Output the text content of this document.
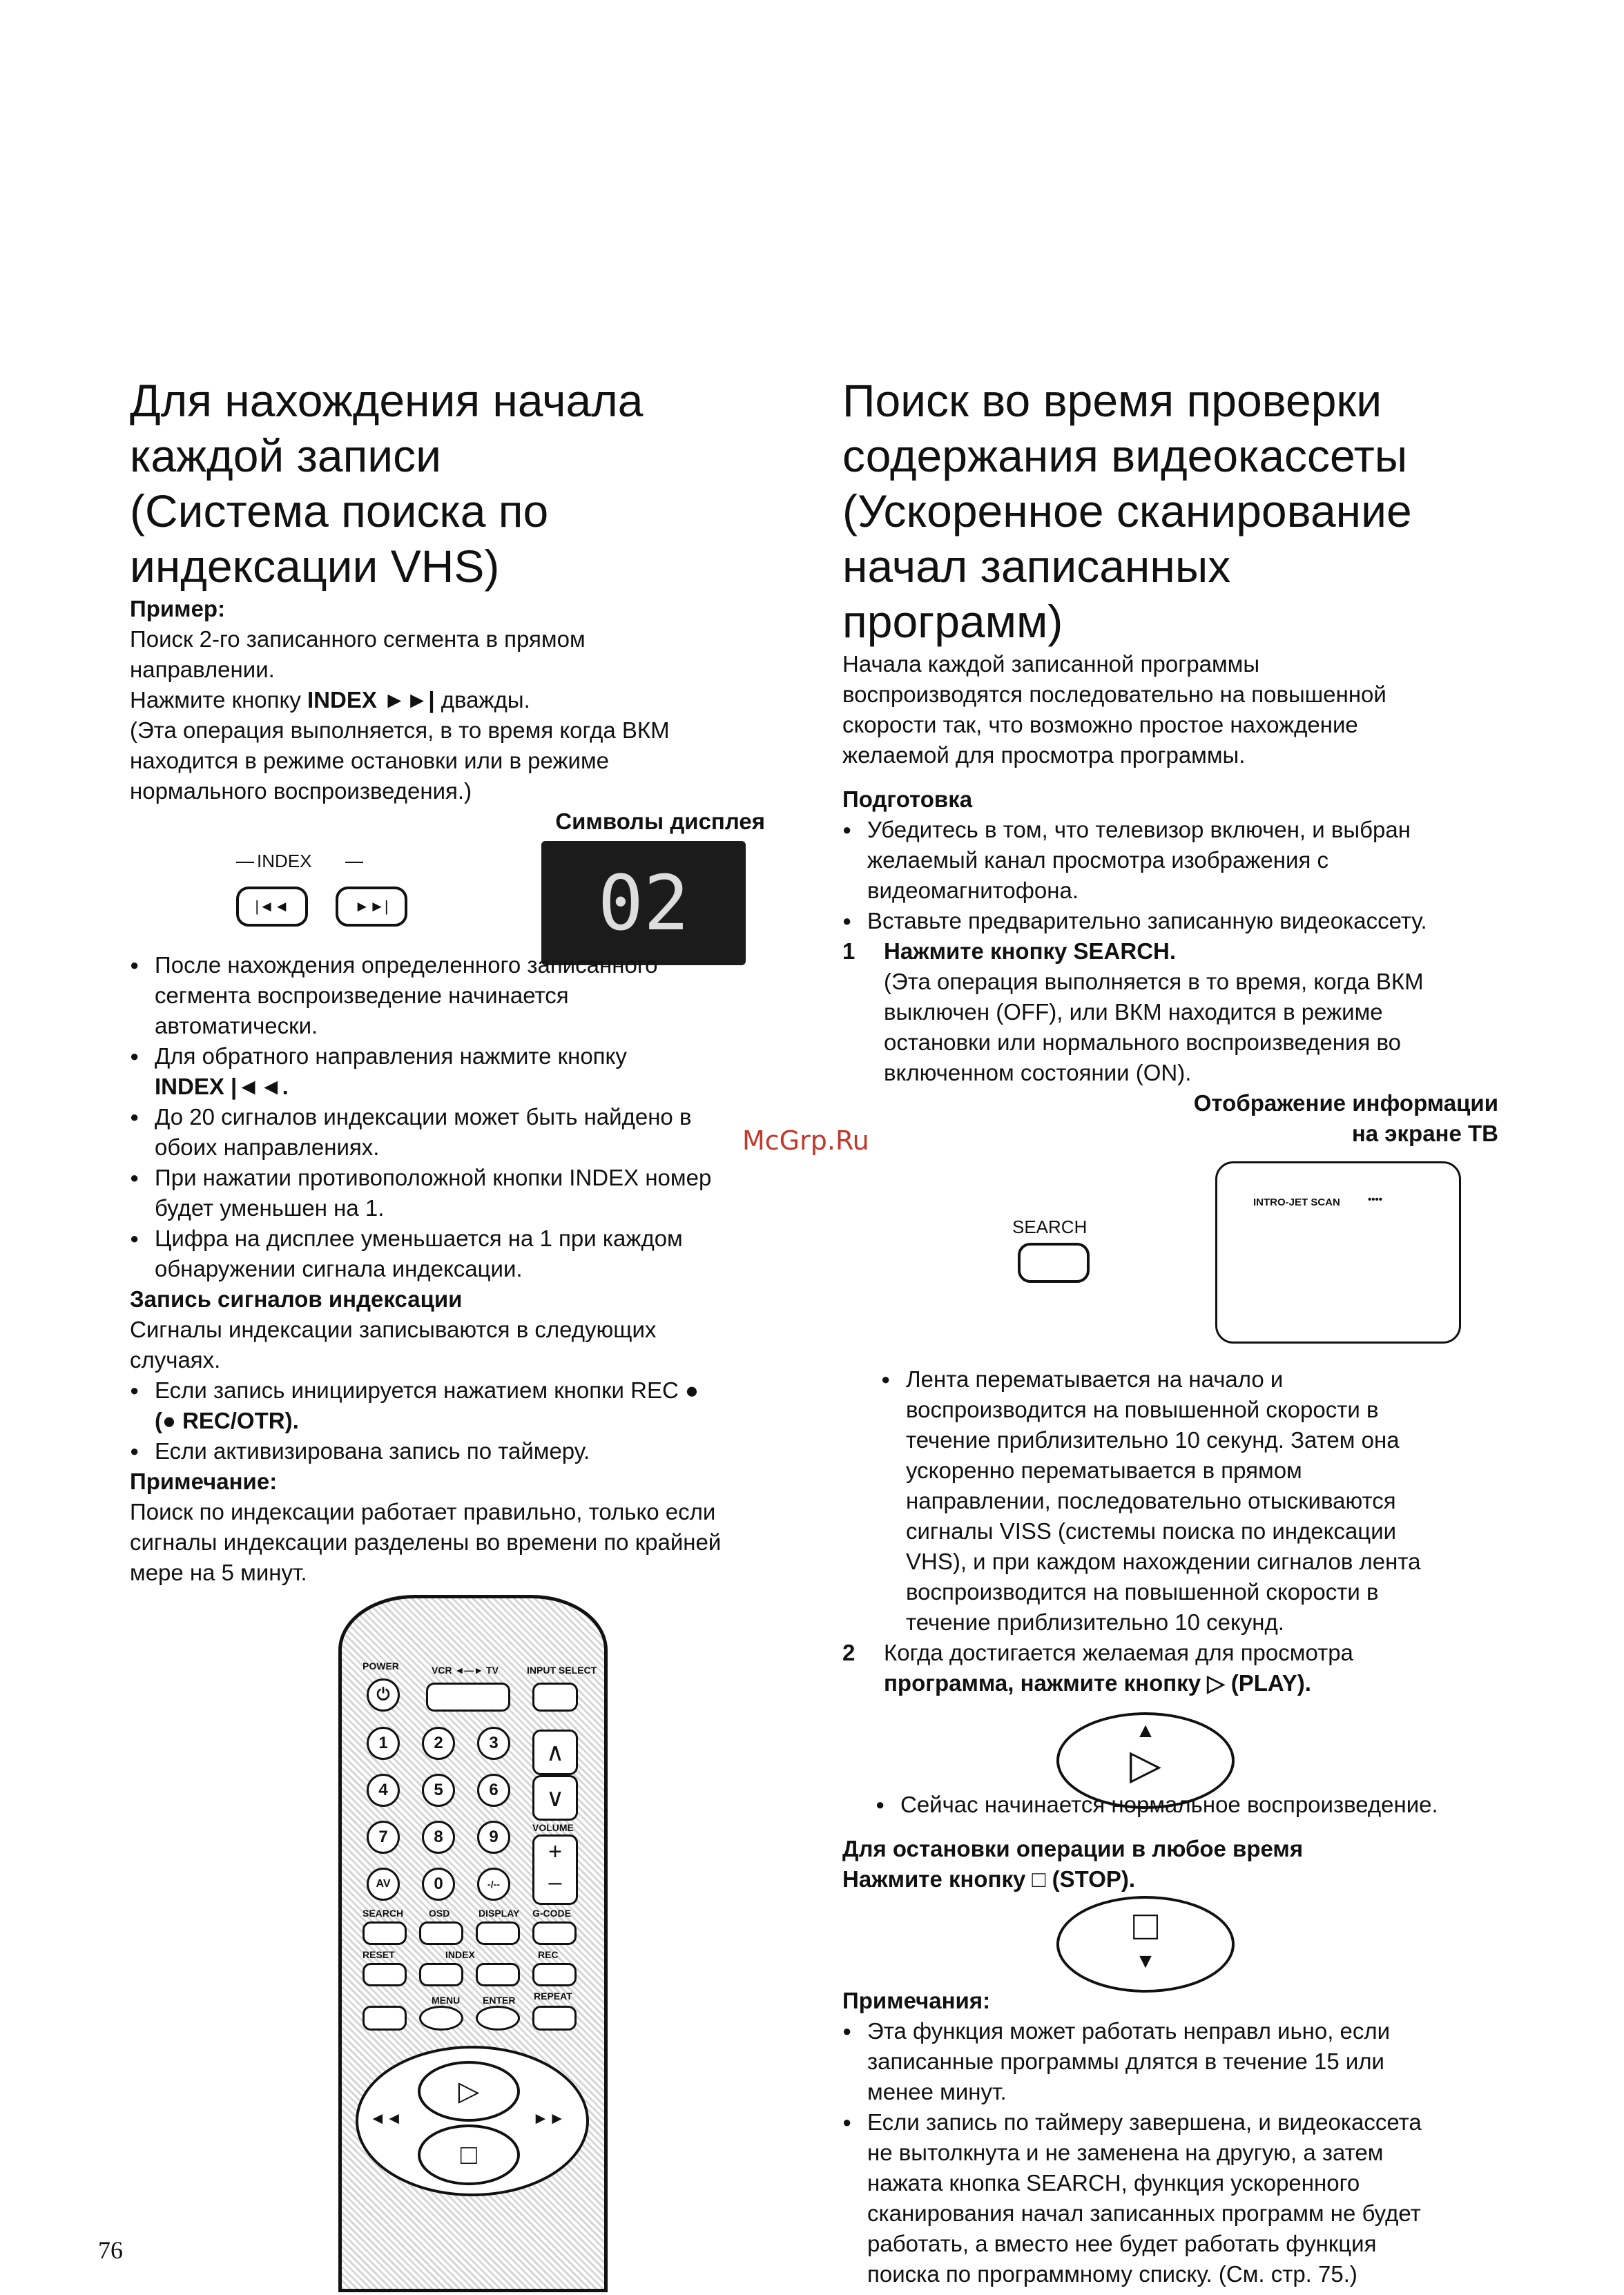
Для нахождения начала
каждой записи
(Система поиска по
индексации VHS)
Пример:
Поиск 2-го записанного сегмента в прямом
направлении.
Нажмите кнопку INDEX ►►| дважды.
(Эта операция выполняется, в то время когда ВКМ
находится в режиме остановки или в режиме
нормального воспроизведения.)
Символы дисплея
INDEX
|◄◄	►►|	02
● После нахождения определенного записанного
сегмента воспроизведение начинается
автоматически.
● Для обратного направления нажмите кнопку
INDEX |◄◄.
● До 20 сигналов индексации может быть найдено в
обоих направлениях.
● При нажатии противоположной кнопки INDEX номер
будет уменьшен на 1.
● Цифра на дисплее уменьшается на 1 при каждом
обнаружении сигнала индексации.
Запись сигналов индексации
Сигналы индексации записываются в следующих
случаях.
● Если запись инициируется нажатием кнопки REC ●
(● REC/OTR).
● Если активизирована запись по таймеру.
Примечание:
Поиск по индексации работает правильно, только если
сигналы индексации разделены во времени по крайней
мере на 5 минут.
POWER	VCR ◄—► TV	INPUT SELECT
⏻
1	2	3
4	5	6
7	8	9
AV	0	-/--
∧
∨
VOLUME
+
–
SEARCH	OSD	DISPLAY G-CODE
RESET	INDEX	REC
MENU ENTER REPEAT
▷
□
◄◄	►►
76
McGrp.Ru
Поиск во время проверки
содержания видеокассеты
(Ускоренное сканирование
начал записанных
программ)
Начала каждой записанной программы
воспроизводятся последовательно на повышенной
скорости так, что возможно простое нахождение
желаемой для просмотра программы.
Подготовка
● Убедитесь в том, что телевизор включен, и выбран
желаемый канал просмотра изображения с
видеомагнитофона.
● Вставьте предварительно записанную видеокассету.
1 Нажмите кнопку SEARCH.
(Эта операция выполняется в то время, когда ВКМ
выключен (OFF), или ВКМ находится в режиме
остановки или нормального воспроизведения во
включенном состоянии (ON).
Отображение информации
на экране ТВ
SEARCH
INTRO-JET SCAN	••••
● Лента перематывается на начало и
воспроизводится на повышенной скорости в
течение приблизительно 10 секунд. Затем она
ускоренно перематывается в прямом
направлении, последовательно отыскиваются
сигналы VISS (системы поиска по индексации
VHS), и при каждом нахождении сигналов лента
воспроизводится на повышенной скорости в
течение приблизительно 10 секунд.
2 Когда достигается желаемая для просмотра
программа, нажмите кнопку ▷ (PLAY).
▲
▷
● Сейчас начинается нормальное воспроизведение.
Для остановки операции в любое время
Нажмите кнопку □ (STOP).
□
▼
Примечания:
● Эта функция может работать неправл иьно, если
записанные программы длятся в течение 15 или
менее минут.
● Если запись по таймеру завершена, и видеокассета
не вытолкнута и не заменена на другую, а затем
нажата кнопка SEARCH, функция ускоренного
сканирования начал записанных программ не будет
работать, а вместо нее будет работать функция
поиска по программному списку. (См. стр. 75.)
